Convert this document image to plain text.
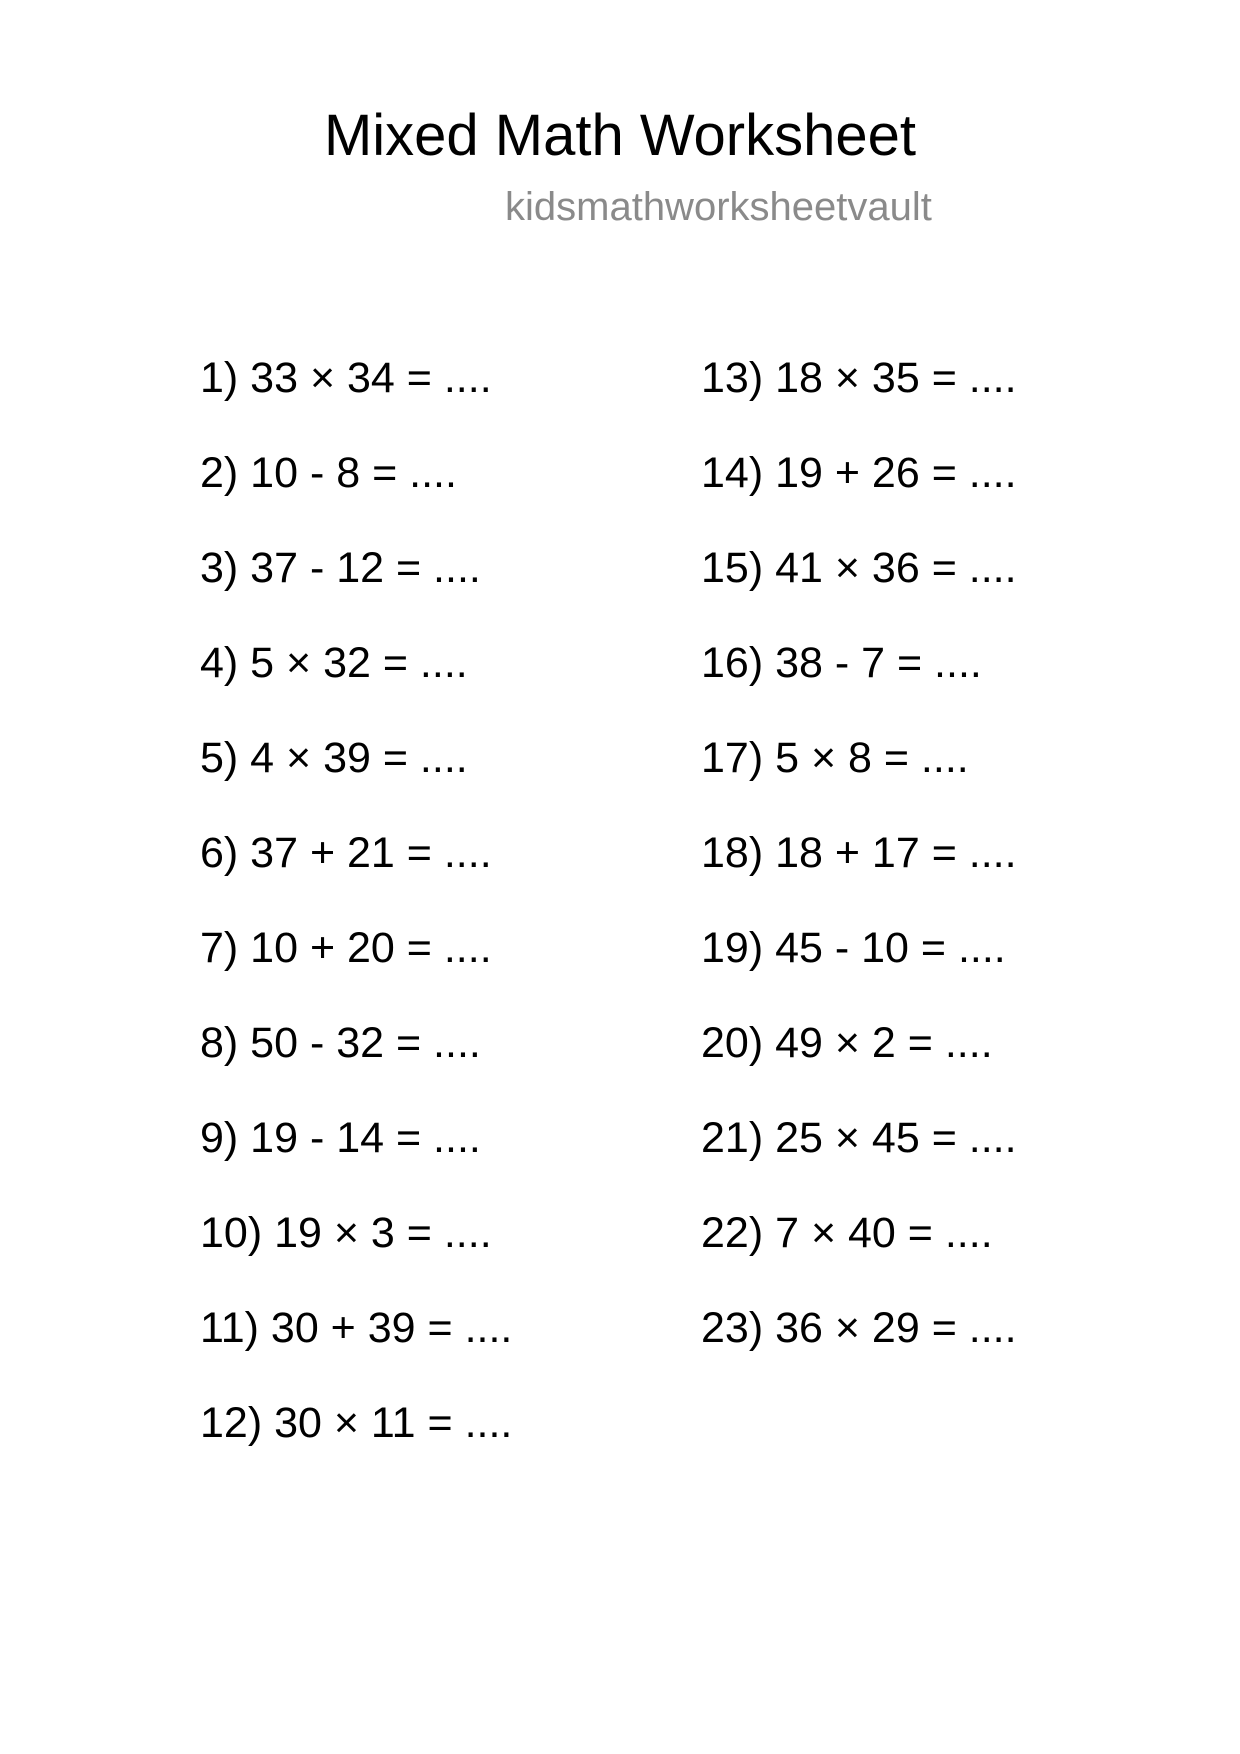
Mixed Math Worksheet
kidsmathworksheetvault
1) 33 × 34 = ....
2) 10 - 8 = ....
3) 37 - 12 = ....
4) 5 × 32 = ....
5) 4 × 39 = ....
6) 37 + 21 = ....
7) 10 + 20 = ....
8) 50 - 32 = ....
9) 19 - 14 = ....
10) 19 × 3 = ....
11) 30 + 39 = ....
12) 30 × 11 = ....
13) 18 × 35 = ....
14) 19 + 26 = ....
15) 41 × 36 = ....
16) 38 - 7 = ....
17) 5 × 8 = ....
18) 18 + 17 = ....
19) 45 - 10 = ....
20) 49 × 2 = ....
21) 25 × 45 = ....
22) 7 × 40 = ....
23) 36 × 29 = ....
